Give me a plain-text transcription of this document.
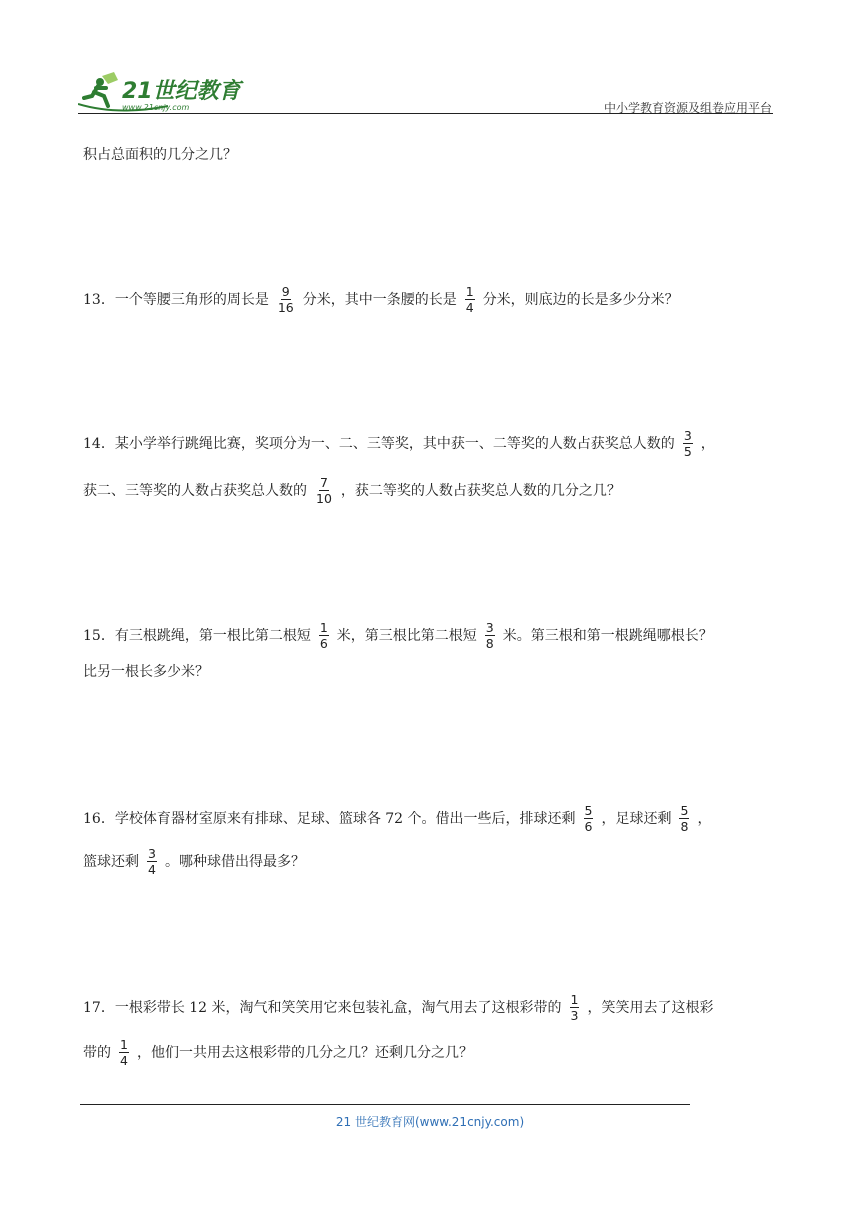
21世纪教育
www.21cnjy.com	中小学教育资源及组卷应用平台
积占总面积的几分之几？
13．一个等腰三角形的周长是 $\frac{9}{16}$ 分米，其中一条腰的长是 $\frac{1}{4}$ 分米，则底边的长是多少分米？
14．某小学举行跳绳比赛，奖项分为一、二、三等奖，其中获一、二等奖的人数占获奖总人数的 $\frac{3}{5}$ ，
获二、三等奖的人数占获奖总人数的 $\frac{7}{10}$ ，获二等奖的人数占获奖总人数的几分之几？
15．有三根跳绳，第一根比第二根短 $\frac{1}{6}$ 米，第三根比第二根短 $\frac{3}{8}$ 米。第三根和第一根跳绳哪根长？
比另一根长多少米？
16．学校体育器材室原来有排球、足球、篮球各 72 个。借出一些后，排球还剩 $\frac{5}{6}$ ，足球还剩 $\frac{5}{8}$ ，
篮球还剩 $\frac{3}{4}$ 。哪种球借出得最多？
17．一根彩带长 12 米，淘气和笑笑用它来包装礼盒，淘气用去了这根彩带的 $\frac{1}{3}$ ，笑笑用去了这根彩
带的 $\frac{1}{4}$ ，他们一共用去这根彩带的几分之几？还剩几分之几？
21 世纪教育网(www.21cnjy.com)
